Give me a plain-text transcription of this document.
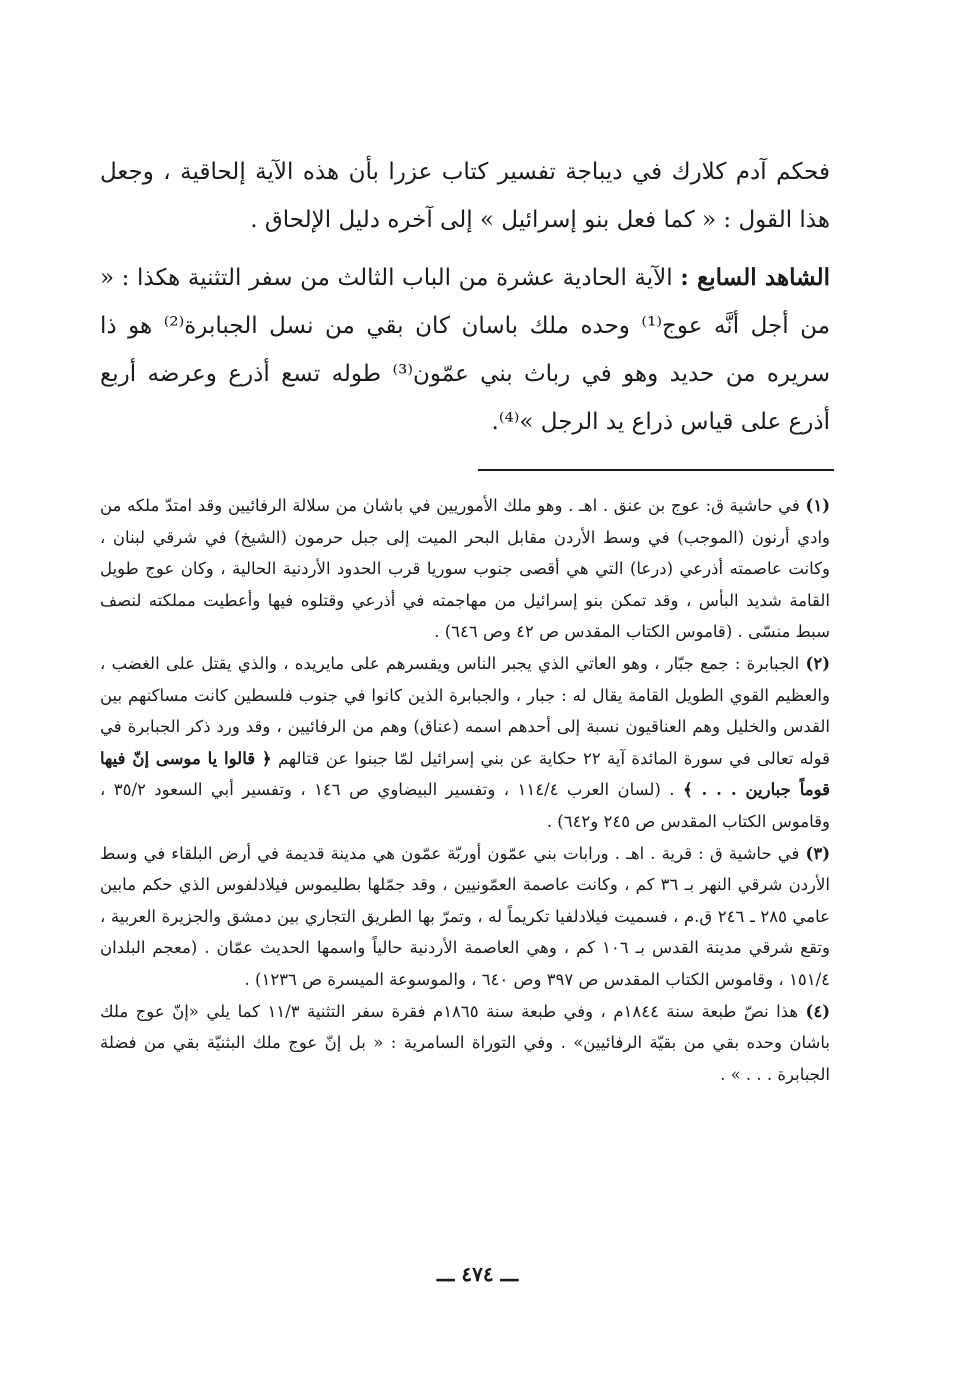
فحكم آدم كلارك في ديباجة تفسير كتاب عزرا بأن هذه الآية إلحاقية ، وجعل هذا القول : « كما فعل بنو إسرائيل » إلى آخره دليل الإلحاق .

الشاهد السابع : الآية الحادية عشرة من الباب الثالث من سفر التثنية هكذا : « من أجل أنَّه عوج⁽¹⁾ وحده ملك باسان كان بقي من نسل الجبابرة⁽²⁾ هو ذا سريره من حديد وهو في رباث بني عمّون⁽³⁾ طوله تسع أذرع وعرضه أربع أذرع على قياس ذراع يد الرجل »⁽⁴⁾.

(١) في حاشية ق: عوج بن عنق . اهـ . وهو ملك الأموريين في باشان من سلالة الرفائيين وقد امتدّ ملكه من وادي أرنون (الموجب) في وسط الأردن مقابل البحر الميت إلى جبل حرمون (الشيخ) في شرقي لبنان ، وكانت عاصمته أذرعي (درعا) التي هي أقصى جنوب سوريا قرب الحدود الأردنية الحالية ، وكان عوج طويل القامة شديد البأس ، وقد تمكن بنو إسرائيل من مهاجمته في أذرعي وقتلوه فيها وأعطيت مملكته لنصف سبط منسّى . (قاموس الكتاب المقدس ص ٤٢ وص ٦٤٦) .

(٢) الجبابرة : جمع جبّار ، وهو العاتي الذي يجبر الناس ويقسرهم على مايريده ، والذي يقتل على الغضب ، والعظيم القوي الطويل القامة يقال له : جبار ، والجبابرة الذين كانوا في جنوب فلسطين كانت مساكنهم بين القدس والخليل وهم العناقيون نسبة إلى أحدهم اسمه (عناق) وهم من الرفائيين ، وقد ورد ذكر الجبابرة في قوله تعالى في سورة المائدة آية ٢٢ حكاية عن بني إسرائيل لمّا جبنوا عن قتالهم ﴿ قالوا يا موسى إنّ فيها قوماً جبارين . . . ﴾ . (لسان العرب ١١٤/٤ ، وتفسير البيضاوي ص ١٤٦ ، وتفسير أبي السعود ٣٥/٢ ، وقاموس الكتاب المقدس ص ٢٤٥ و٦٤٢) .

(٣) في حاشية ق : قرية . اهـ . ورابات بني عمّون أوربّة عمّون هي مدينة قديمة في أرض البلقاء في وسط الأردن شرقي النهر بـ ٣٦ كم ، وكانت عاصمة العمّونيين ، وقد جمّلها بطليموس فيلادلفوس الذي حكم مابين عامي ٢٨٥ ـ ٢٤٦ ق.م ، فسميت فيلادلفيا تكريماً له ، وتمرّ بها الطريق التجاري بين دمشق والجزيرة العربية ، وتقع شرقي مدينة القدس بـ ١٠٦ كم ، وهي العاصمة الأردنية حالياً واسمها الحديث عمّان . (معجم البلدان ١٥١/٤ ، وقاموس الكتاب المقدس ص ٣٩٧ وص ٦٤٠ ، والموسوعة الميسرة ص ١٢٣٦) .

(٤) هذا نصّ طبعة سنة ١٨٤٤م ، وفي طبعة سنة ١٨٦٥م فقرة سفر التثنية ١١/٣ كما يلي «إنّ عوج ملك باشان وحده بقي من بقيّة الرفائيين» . وفي التوراة السامرية : « بل إنّ عوج ملك البثنيّة بقي من فضلة الجبابرة . . . » .

ـــ ٤٧٤ ـــ
